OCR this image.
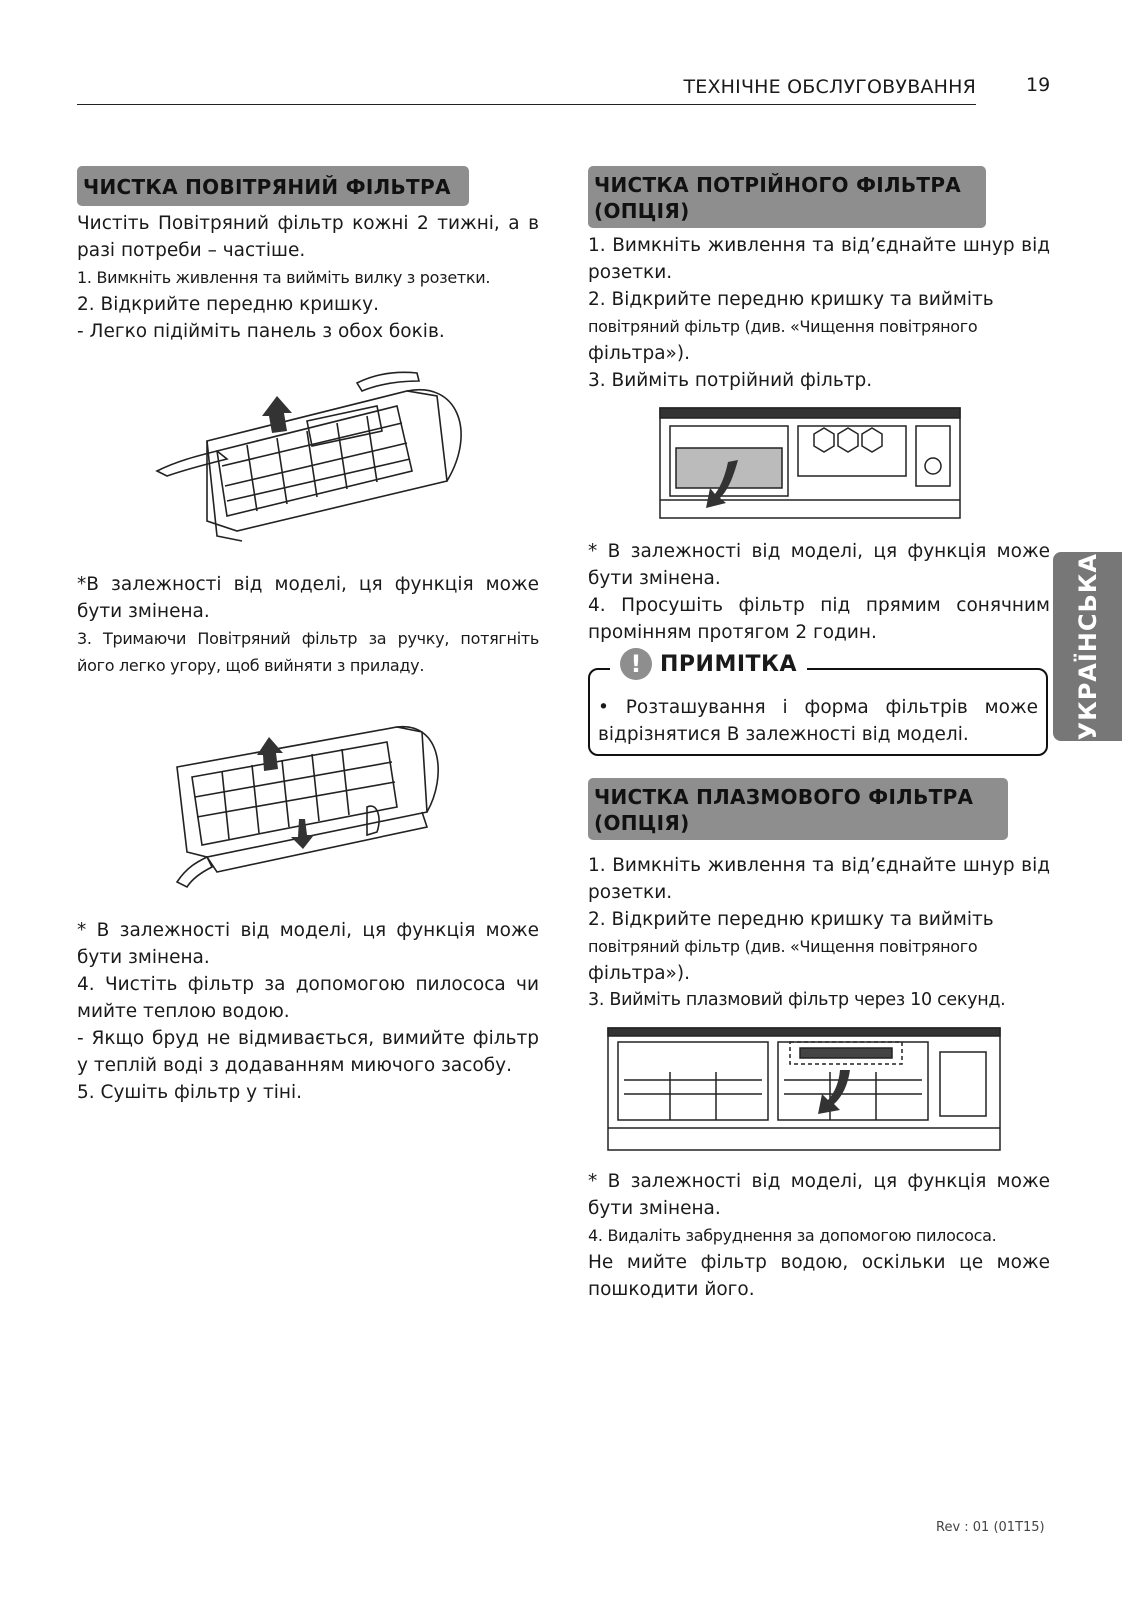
ТЕХНІЧНЕ ОБСЛУГОВУВАННЯ	19
ЧИСТКА ПОВІТРЯНИЙ ФІЛЬТРА

Чистіть Повітряний фільтр кожні 2 тижні, а в разі потреби – частіше.

1. Вимкніть живлення та вийміть вилку з розетки.

2. Відкрийте передню кришку.

- Легко підійміть панель з обох боків.

*В залежності від моделі, ця функція може бути змінена.

3. Тримаючи Повітряний фільтр за ручку, потягніть його легко угору, щоб вийняти з приладу.

* В залежності від моделі, ця функція може бути змінена.

4. Чистіть фільтр за допомогою пилососа чи мийте теплою водою.

- Якщо бруд не відмивається, вимийте фільтр у теплій воді з додаванням миючого засобу.

5. Сушіть фільтр у тіні.

ЧИСТКА ПОТРІЙНОГО ФІЛЬТРА (ОПЦІЯ)

1. Вимкніть живлення та від’єднайте шнур від розетки.

2. Відкрийте передню кришку та вийміть

повітряний фільтр (див. «Чищення повітряного

фільтра»).

3. Вийміть потрійний фільтр.

* В залежності від моделі, ця функція може бути змінена.

4. Просушіть фільтр під прямим сонячним промінням протягом 2 годин.

! ПРИМІТКА

• Розташування і форма фільтрів може відрізнятися В залежності від моделі.

ЧИСТКА ПЛАЗМОВОГО ФІЛЬТРА (ОПЦІЯ)

1. Вимкніть живлення та від’єднайте шнур від розетки.

2. Відкрийте передню кришку та вийміть

повітряний фільтр (див. «Чищення повітряного

фільтра»).

3. Вийміть плазмовий фільтр через 10 секунд.

* В залежності від моделі, ця функція може бути змінена.

4. Видаліть забруднення за допомогою пилососа.

Не мийте фільтр водою, оскільки це може пошкодити його.

УКРАЇНСЬКА
Rev : 01 (01T15)
